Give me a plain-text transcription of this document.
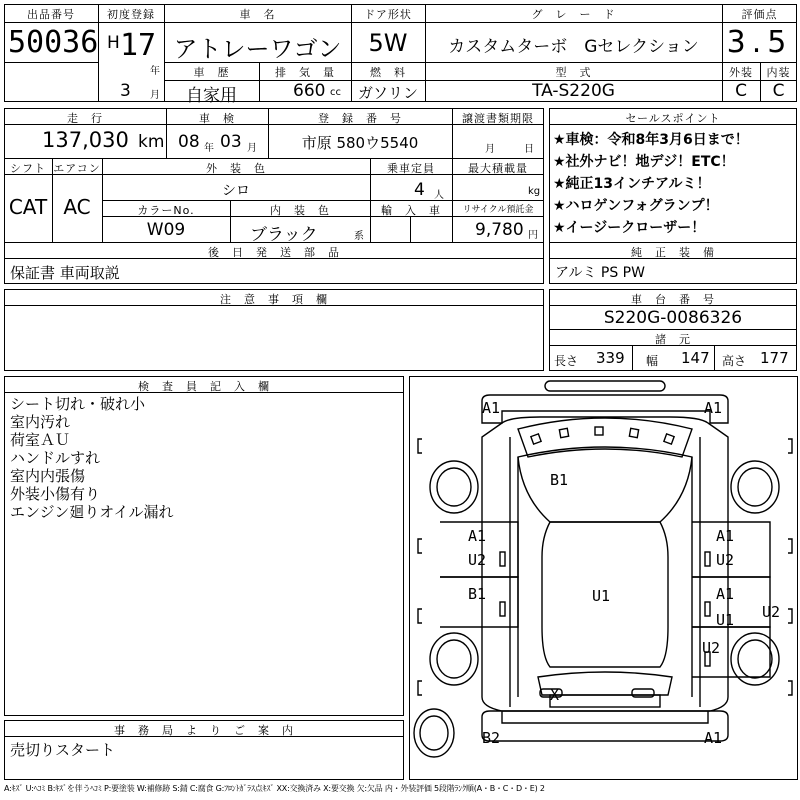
出品番号
50036
初度登録
H 17
年
3 月
車　名
アトレーワゴン
ドア形状
5W
グ　レ　ー　ド
カスタムターボ　Gセレクション
評価点
3.5
車　歴
自家用
排　気　量
660 cc
燃　料
ガソリン
型　式
TA-S220G
外装	内装
C	C
走　行
137,030 km
車　検
08 年 03 月
登　録　番　号
市原 580ウ5540
譲渡書類期限
月	日
シフト
CAT
エアコン
AC
外　装　色
シロ
乗車定員
4 人
最大積載量
kg
カラーNo.
W09
内　装　色
ブラック	系
輸　入　車	リサイクル預託金
9,780 円
後　日　発　送　部　品
保証書 車両取説
セールスポイント
★車検：令和8年3月6日まで！
★社外ナビ！地デジ！ETC！
★純正13インチアルミ！
★ハロゲンフォグランプ！
★イージークローザー！
純　正　装　備
アルミ PS PW
注　意　事　項　欄	車　台　番　号
S220G-0086326
諸　元
長さ 339 幅 147 高さ 177
検　査　員　記　入　欄
シート切れ・破れ小
室内汚れ
荷室ＡＵ
ハンドルすれ
室内内張傷
外装小傷有り
エンジン廻りオイル漏れ
事　務　局　よ　り　ご　案　内
売切りスタート
A1	A1
B1
A1
U2
A1
U2
B1	U1	A1
U1 U2
U2
X
B2	A1
A:ｷｽﾞ U:ﾍｺﾐ B:ｷｽﾞを伴うﾍｺﾐ P:要塗装 W:補修跡 S:錆 C:腐食 G:ﾌﾛﾝﾄｶﾞﾗｽ点ｷｽﾞ XX:交換済み X:要交換 欠:欠品 内・外装評価 5段階ﾗﾝｸ順(A・B・C・D・E) 2
